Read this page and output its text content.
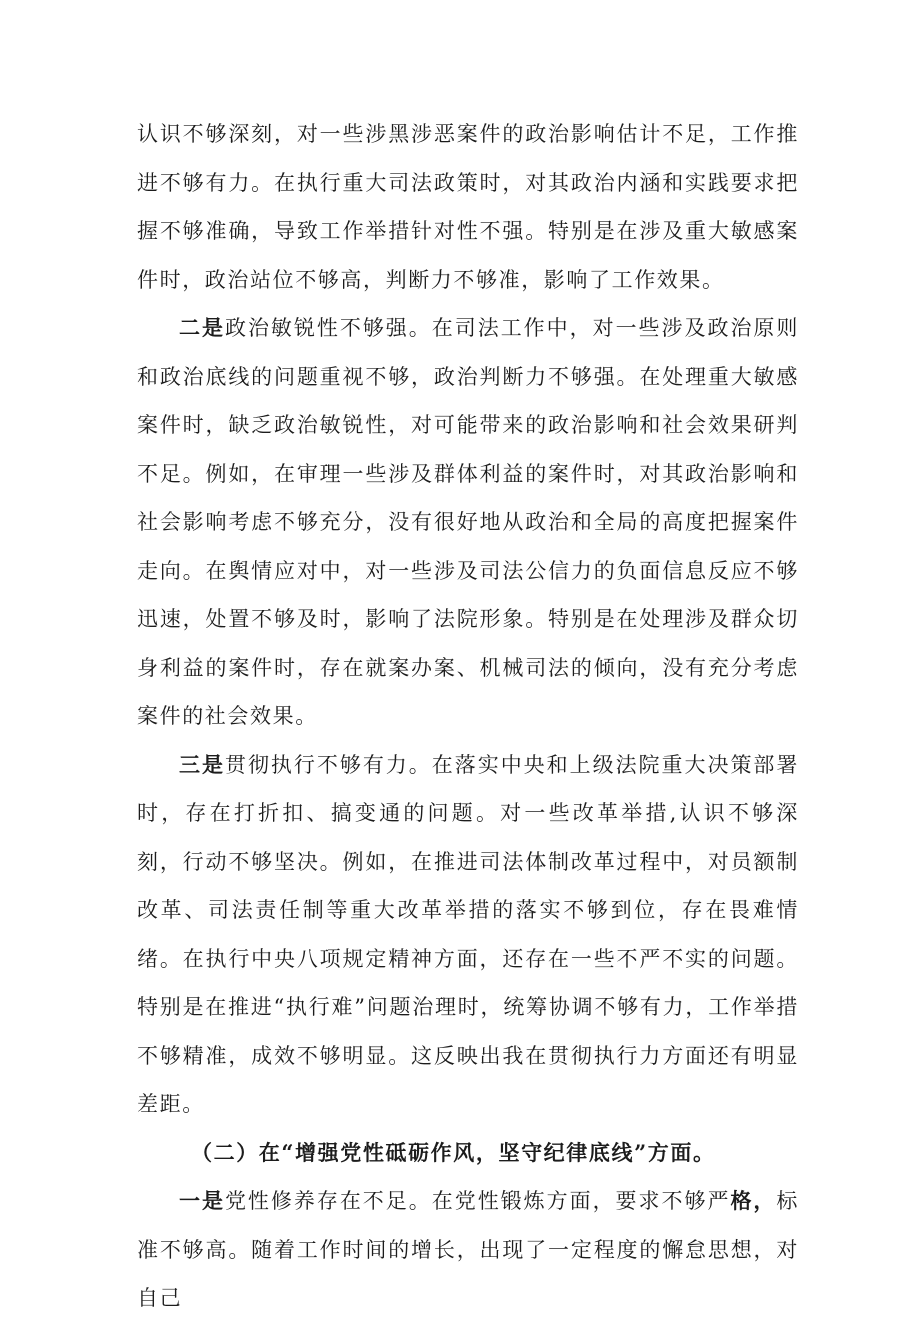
认识不够深刻，对一些涉黑涉恶案件的政治影响估计不足，工作推进不够有力。在执行重大司法政策时，对其政治内涵和实践要求把握不够准确，导致工作举措针对性不强。特别是在涉及重大敏感案件时，政治站位不够高，判断力不够准，影响了工作效果。

二是政治敏锐性不够强。在司法工作中，对一些涉及政治原则和政治底线的问题重视不够，政治判断力不够强。在处理重大敏感案件时，缺乏政治敏锐性，对可能带来的政治影响和社会效果研判不足。例如，在审理一些涉及群体利益的案件时，对其政治影响和社会影响考虑不够充分，没有很好地从政治和全局的高度把握案件走向。在舆情应对中，对一些涉及司法公信力的负面信息反应不够迅速，处置不够及时，影响了法院形象。特别是在处理涉及群众切身利益的案件时，存在就案办案、机械司法的倾向，没有充分考虑案件的社会效果。

三是贯彻执行不够有力。在落实中央和上级法院重大决策部署时，存在打折扣、搞变通的问题。对一些改革举措,认识不够深刻，行动不够坚决。例如，在推进司法体制改革过程中，对员额制改革、司法责任制等重大改革举措的落实不够到位，存在畏难情绪。在执行中央八项规定精神方面，还存在一些不严不实的问题。特别是在推进“执行难”问题治理时，统筹协调不够有力，工作举措不够精准，成效不够明显。这反映出我在贯彻执行力方面还有明显差距。

（二）在“增强党性砥砺作风，坚守纪律底线”方面。

一是党性修养存在不足。在党性锻炼方面，要求不够严格，标准不够高。随着工作时间的增长，出现了一定程度的懈怠思想，对自己
